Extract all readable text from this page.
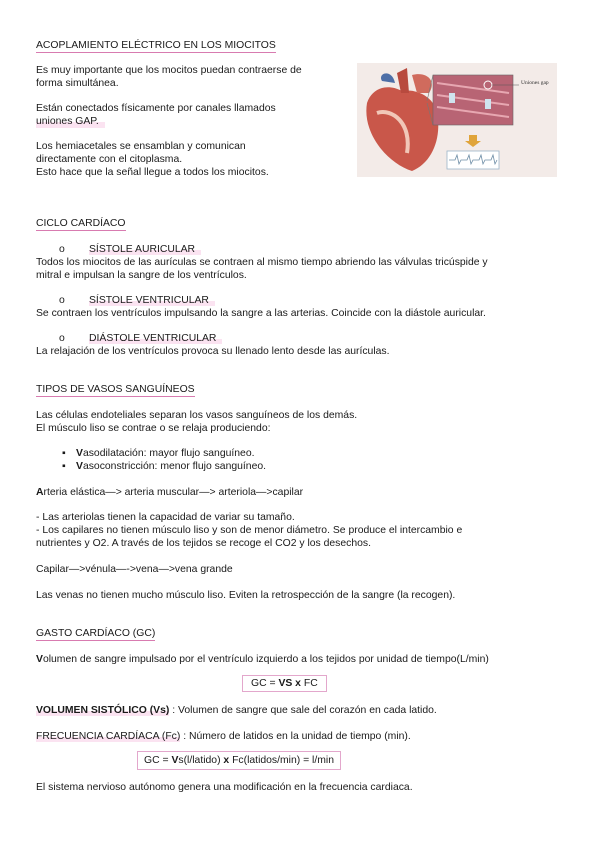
ACOPLAMIENTO ELÉCTRICO EN LOS MIOCITOS
Es muy importante que los mocitos puedan contraerse de
forma simultánea.
Están conectados físicamente por canales llamados
uniones GAP.
Los hemiacetales se ensamblan y comunican
directamente con el citoplasma.
Esto hace que la señal llegue a todos los miocitos.
Uniones gap
CICLO CARDÍACO
o SÍSTOLE AURICULAR
Todos los miocitos de las aurículas se contraen al mismo tiempo abriendo las válvulas tricúspide y
mitral e impulsan la sangre de los ventrículos.
o SÍSTOLE VENTRICULAR
Se contraen los ventrículos impulsando la sangre a las arterias. Coincide con la diástole auricular.
o DIÁSTOLE VENTRICULAR
La relajación de los ventrículos provoca su llenado lento desde las aurículas.
TIPOS DE VASOS SANGUÍNEOS
Las células endoteliales separan los vasos sanguíneos de los demás.
El músculo liso se contrae o se relaja produciendo:
▪ Vasodilatación: mayor flujo sanguíneo.
▪ Vasoconstricción: menor flujo sanguíneo.
Arteria elástica—> arteria muscular—> arteriola—>capilar
- Las arteriolas tienen la capacidad de variar su tamaño.
- Los capilares no tienen músculo liso y son de menor diámetro. Se produce el intercambio e
nutrientes y O2. A través de los tejidos se recoge el CO2 y los desechos.
Capilar—>vénula—->vena—>vena grande
Las venas no tienen mucho músculo liso. Eviten la retrospección de la sangre (la recogen).
GASTO CARDÍACO (GC)
Volumen de sangre impulsado por el ventrículo izquierdo a los tejidos por unidad de tiempo(L/min)
GC = VS x FC
VOLUMEN SISTÓLICO (Vs) : Volumen de sangre que sale del corazón en cada latido.
FRECUENCIA CARDÍACA (Fc) : Número de latidos en la unidad de tiempo (min).
GC = Vs(l/latido) x Fc(latidos/min) = l/min
El sistema nervioso autónomo genera una modificación en la frecuencia cardiaca.
